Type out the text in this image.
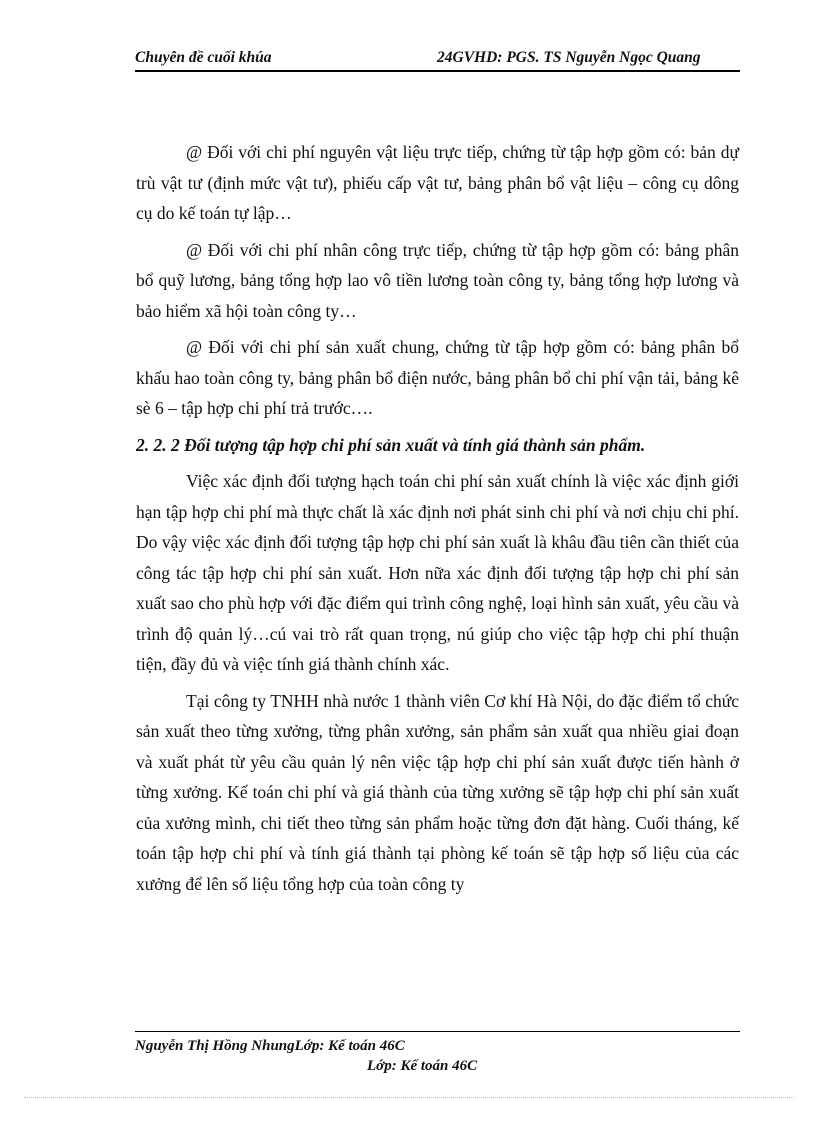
Chuyên đề cuối khúa	24GVHD: PGS. TS Nguyễn Ngọc Quang

@ Đối với chi phí nguyên vật liệu trực tiếp, chứng từ tập hợp gồm có: bản dự trù vật tư (định mức vật tư), phiếu cấp vật tư, bảng phân bổ vật liệu – công cụ dông cụ do kế toán tự lập…

@ Đối với chi phí nhân công trực tiếp, chứng từ tập hợp gồm có: bảng phân bổ quỹ lương, bảng tổng hợp lao vô tiền lương toàn công ty, bảng tổng hợp lương và bảo hiểm xã hội toàn công ty…

@ Đối với chi phí sản xuất chung, chứng từ tập hợp gồm có: bảng phân bổ khấu hao toàn công ty, bảng phân bổ điện nước, bảng phân bổ chi phí vận tải, bảng kê sè 6 – tập hợp chi phí trả trước….

2. 2. 2 Đối tượng tập hợp chi phí sản xuất và tính giá thành sản phẩm.

Việc xác định đối tượng hạch toán chi phí sản xuất chính là việc xác định giới hạn tập hợp chi phí mà thực chất là xác định nơi phát sinh chi phí và nơi chịu chi phí. Do vậy việc xác định đối tượng tập hợp chi phí sản xuất là khâu đầu tiên cần thiết của công tác tập hợp chi phí sản xuất. Hơn nữa xác định đối tượng tập hợp chi phí sản xuất sao cho phù hợp với đặc điểm qui trình công nghệ, loại hình sản xuất, yêu cầu và trình độ quản lý…cú vai trò rất quan trọng, nú giúp cho việc tập hợp chi phí thuận tiện, đầy đủ và việc tính giá thành chính xác.

Tại công ty TNHH nhà nước 1 thành viên Cơ khí Hà Nội, do đặc điểm tổ chức sản xuất theo từng xưởng, từng phân xưởng, sản phẩm sản xuất qua nhiều giai đoạn và xuất phát từ yêu cầu quản lý nên việc tập hợp chi phí sản xuất được tiến hành ở từng xưởng. Kế toán chi phí và giá thành của từng xưởng sẽ tập hợp chi phí sản xuất của xưởng mình, chi tiết theo từng sản phẩm hoặc từng đơn đặt hàng. Cuối tháng, kế toán tập hợp chi phí và tính giá thành tại phòng kế toán sẽ tập hợp số liệu của các xưởng để lên số liệu tổng hợp của toàn công ty

Nguyễn Thị Hồng NhungLớp: Kế toán 46C
Lớp: Kế toán 46C
